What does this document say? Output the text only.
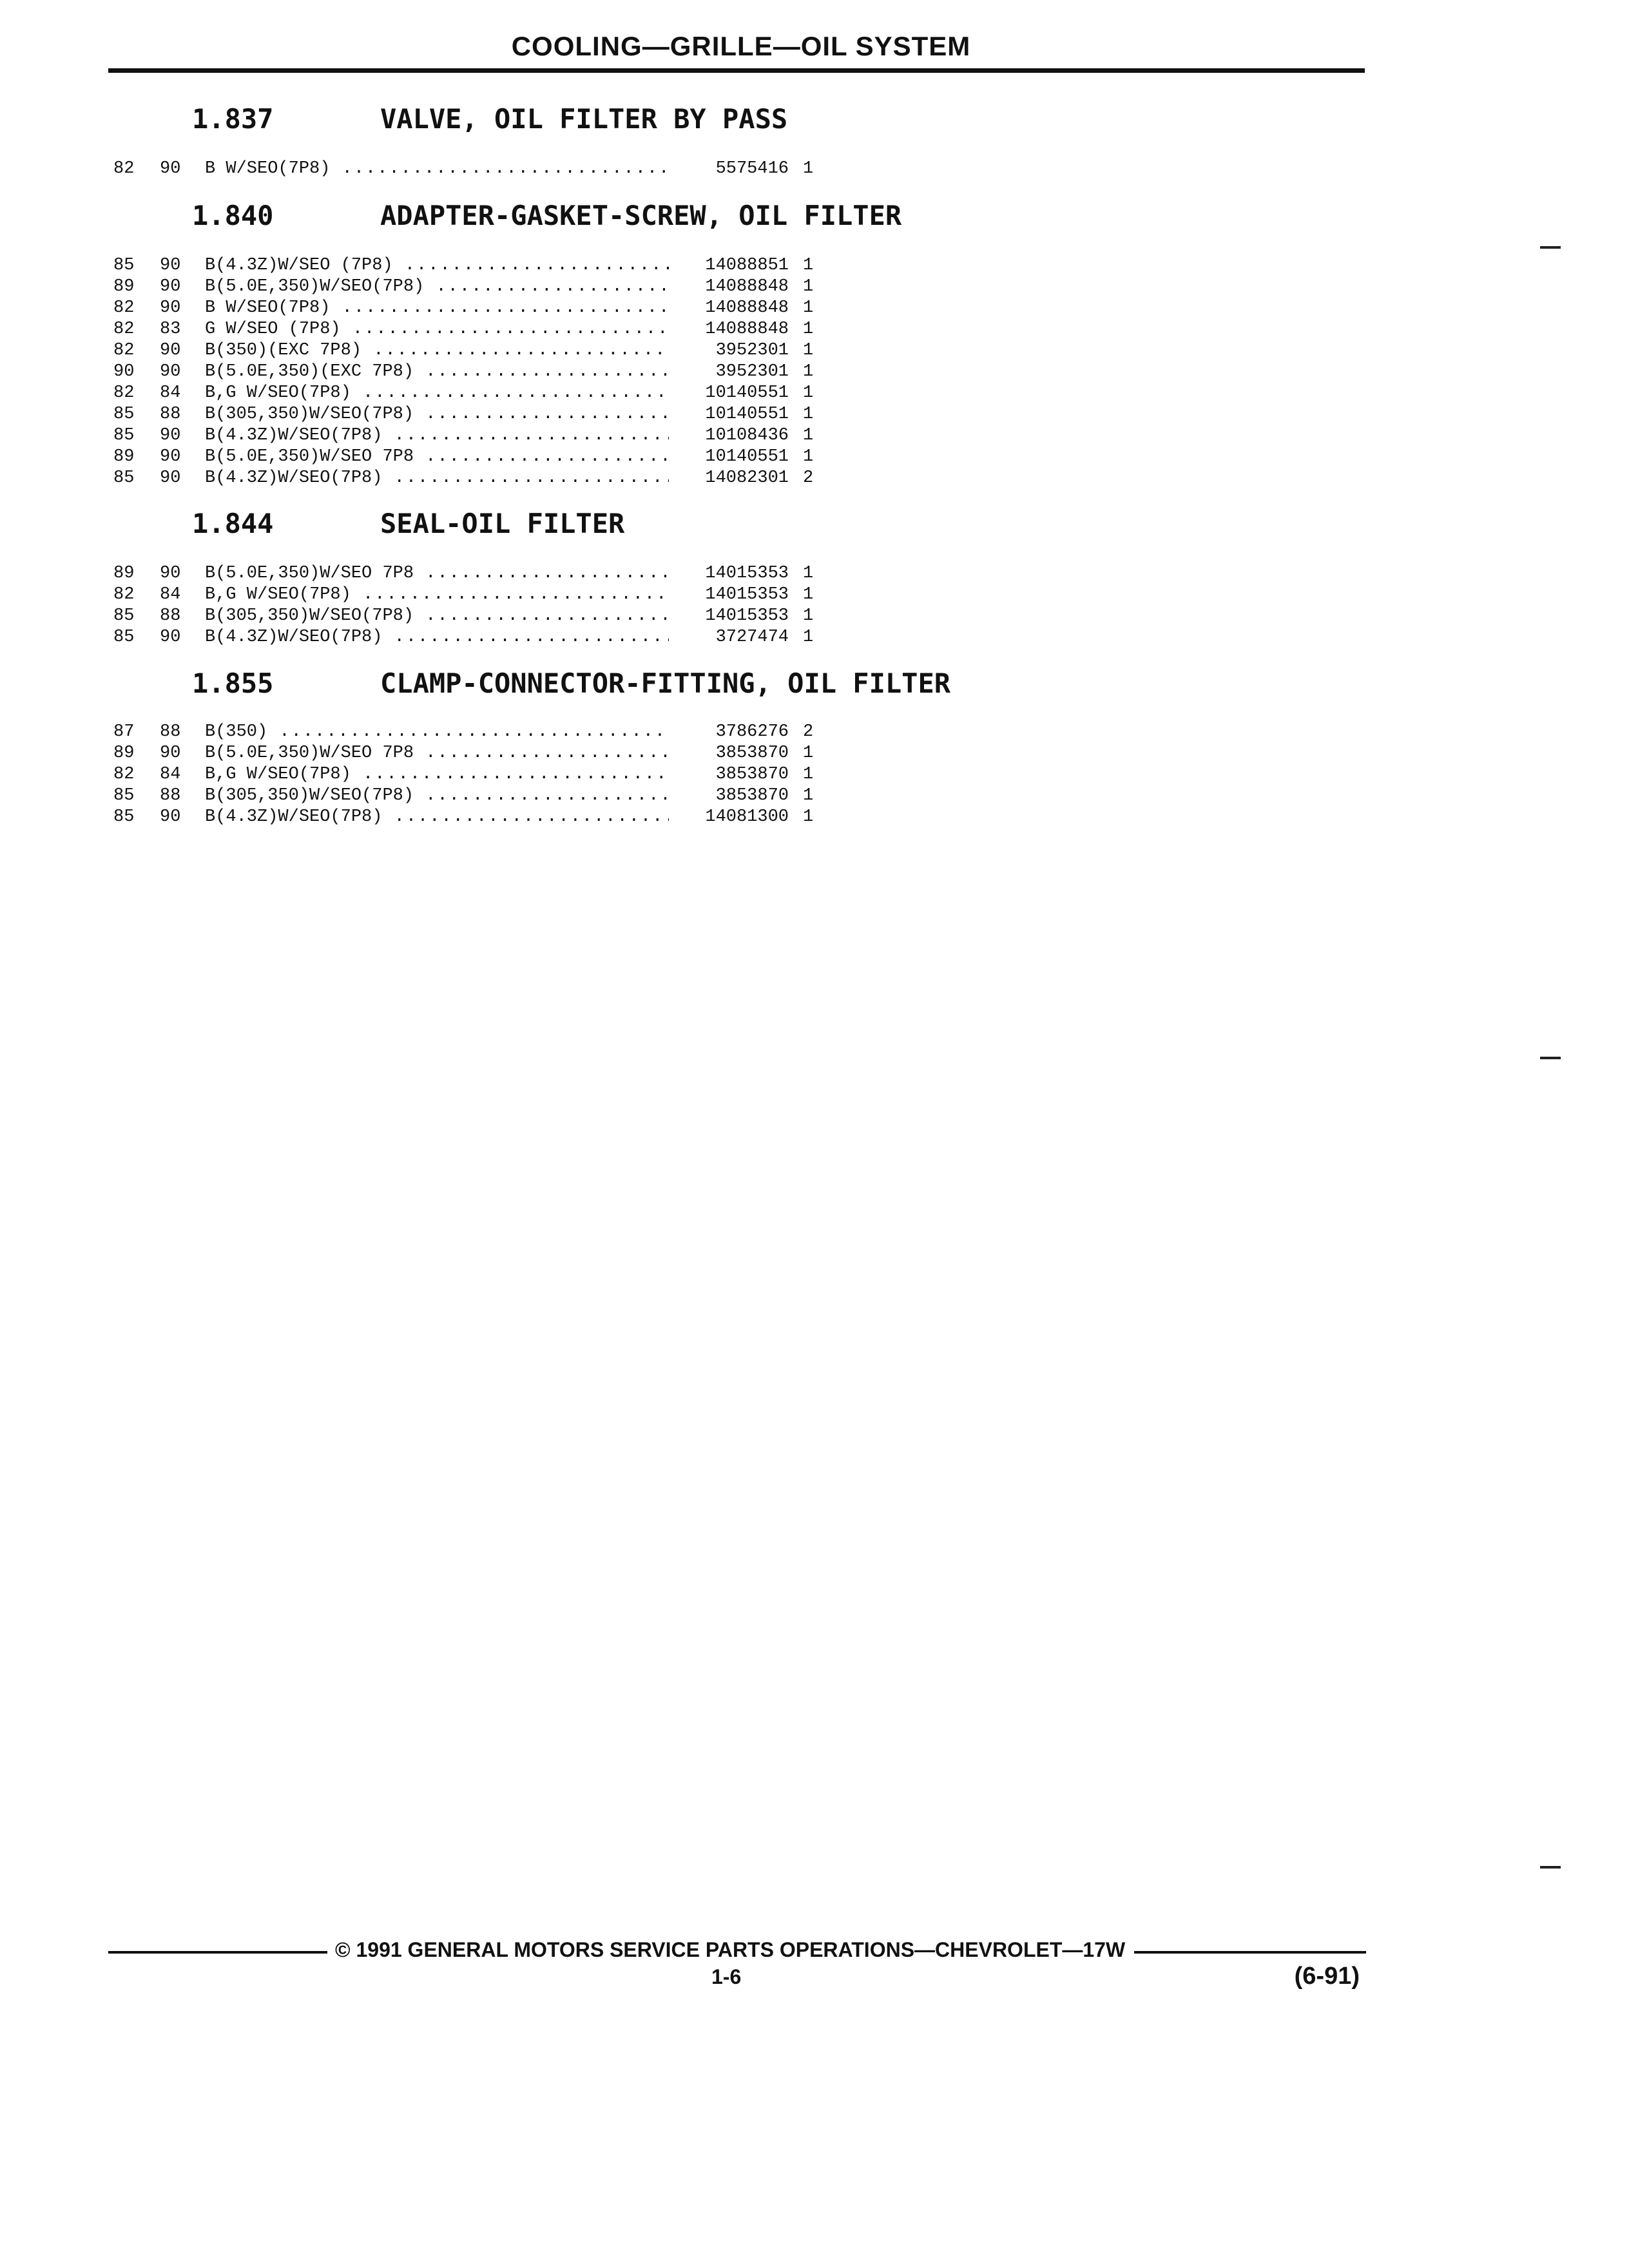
COOLING—GRILLE—OIL SYSTEM
1.837	VALVE, OIL FILTER BY PASS
82 90 B W/SEO(7P8) .....	5575416 1
1.840	ADAPTER-GASKET-SCREW, OIL FILTER
85 90 B(4.3Z)W/SEO (7P8) .....	14088851 1
89 90 B(5.0E,350)W/SEO(7P8) .....	14088848 1
82 90 B W/SEO(7P8) .....	14088848 1
82 83 G W/SEO (7P8) .....	14088848 1
82 90 B(350)(EXC 7P8) .....	3952301 1
90 90 B(5.0E,350)(EXC 7P8) .....	3952301 1
82 84 B,G W/SEO(7P8) .....	10140551 1
85 88 B(305,350)W/SEO(7P8) .....	10140551 1
85 90 B(4.3Z)W/SEO(7P8) .....	10108436 1
89 90 B(5.0E,350)W/SEO 7P8 .....	10140551 1
85 90 B(4.3Z)W/SEO(7P8) .....	14082301 2
1.844	SEAL-OIL FILTER
89 90 B(5.0E,350)W/SEO 7P8 .....	14015353 1
82 84 B,G W/SEO(7P8) .....	14015353 1
85 88 B(305,350)W/SEO(7P8) .....	14015353 1
85 90 B(4.3Z)W/SEO(7P8) .....	3727474 1
1.855	CLAMP-CONNECTOR-FITTING, OIL FILTER
87 88 B(350) .....	3786276 2
89 90 B(5.0E,350)W/SEO 7P8 .....	3853870 1
82 84 B,G W/SEO(7P8) .....	3853870 1
85 88 B(305,350)W/SEO(7P8) .....	3853870 1
85 90 B(4.3Z)W/SEO(7P8) .....	14081300 1
© 1991 GENERAL MOTORS SERVICE PARTS OPERATIONS—CHEVROLET—17W
1-6	(6-91)
